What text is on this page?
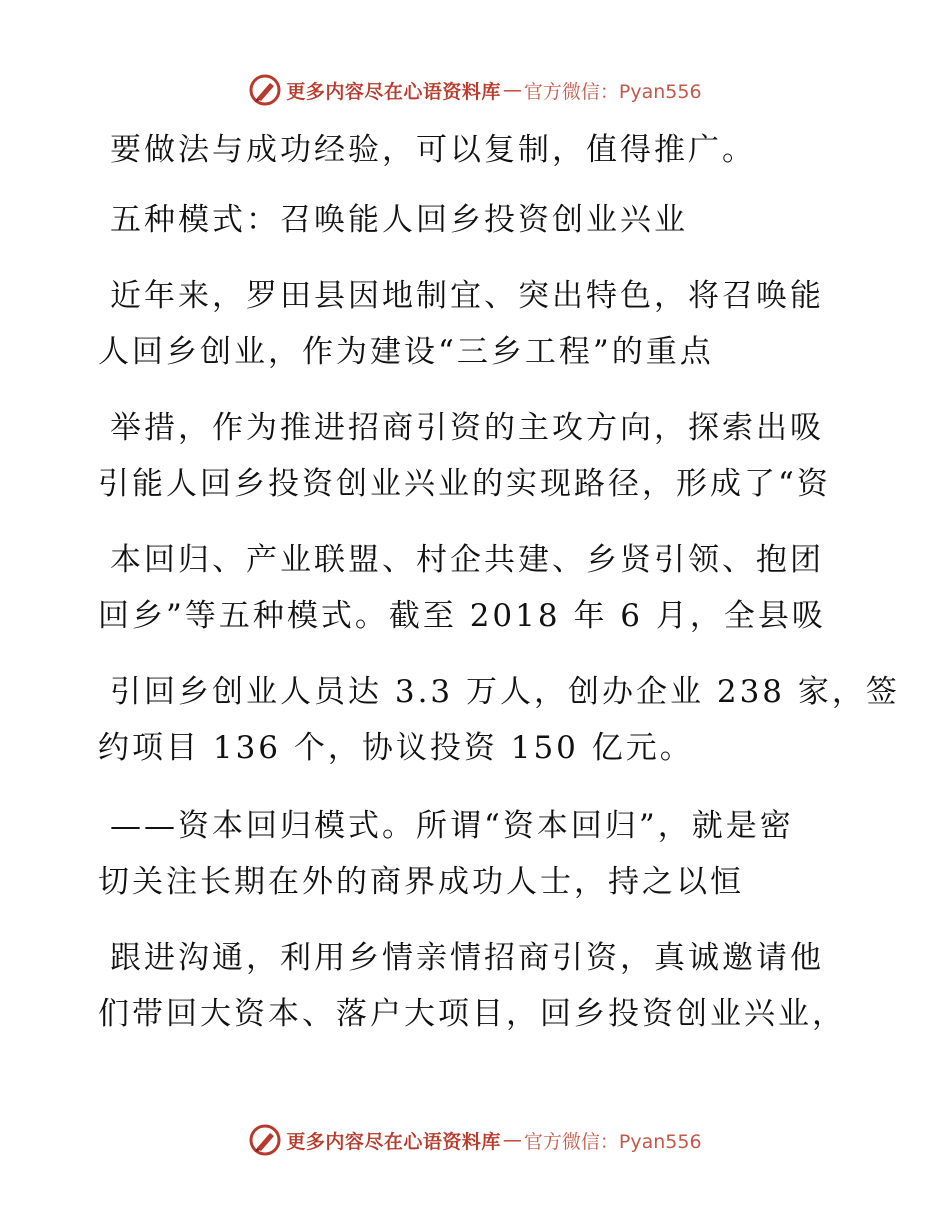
更多内容尽在心语资料库 — 官方微信：Pyan556
要做法与成功经验，可以复制，值得推广。
五种模式：召唤能人回乡投资创业兴业
近年来，罗田县因地制宜、突出特色，将召唤能
人回乡创业，作为建设“三乡工程”的重点
举措，作为推进招商引资的主攻方向，探索出吸
引能人回乡投资创业兴业的实现路径，形成了“资
本回归、产业联盟、村企共建、乡贤引领、抱团
回乡”等五种模式。截至 2018 年 6 月，全县吸
引回乡创业人员达 3.3 万人，创办企业 238 家，签
约项目 136 个，协议投资 150 亿元。
——资本回归模式。所谓“资本回归”，就是密
切关注长期在外的商界成功人士，持之以恒
跟进沟通，利用乡情亲情招商引资，真诚邀请他
们带回大资本、落户大项目，回乡投资创业兴业，
更多内容尽在心语资料库 — 官方微信：Pyan556
